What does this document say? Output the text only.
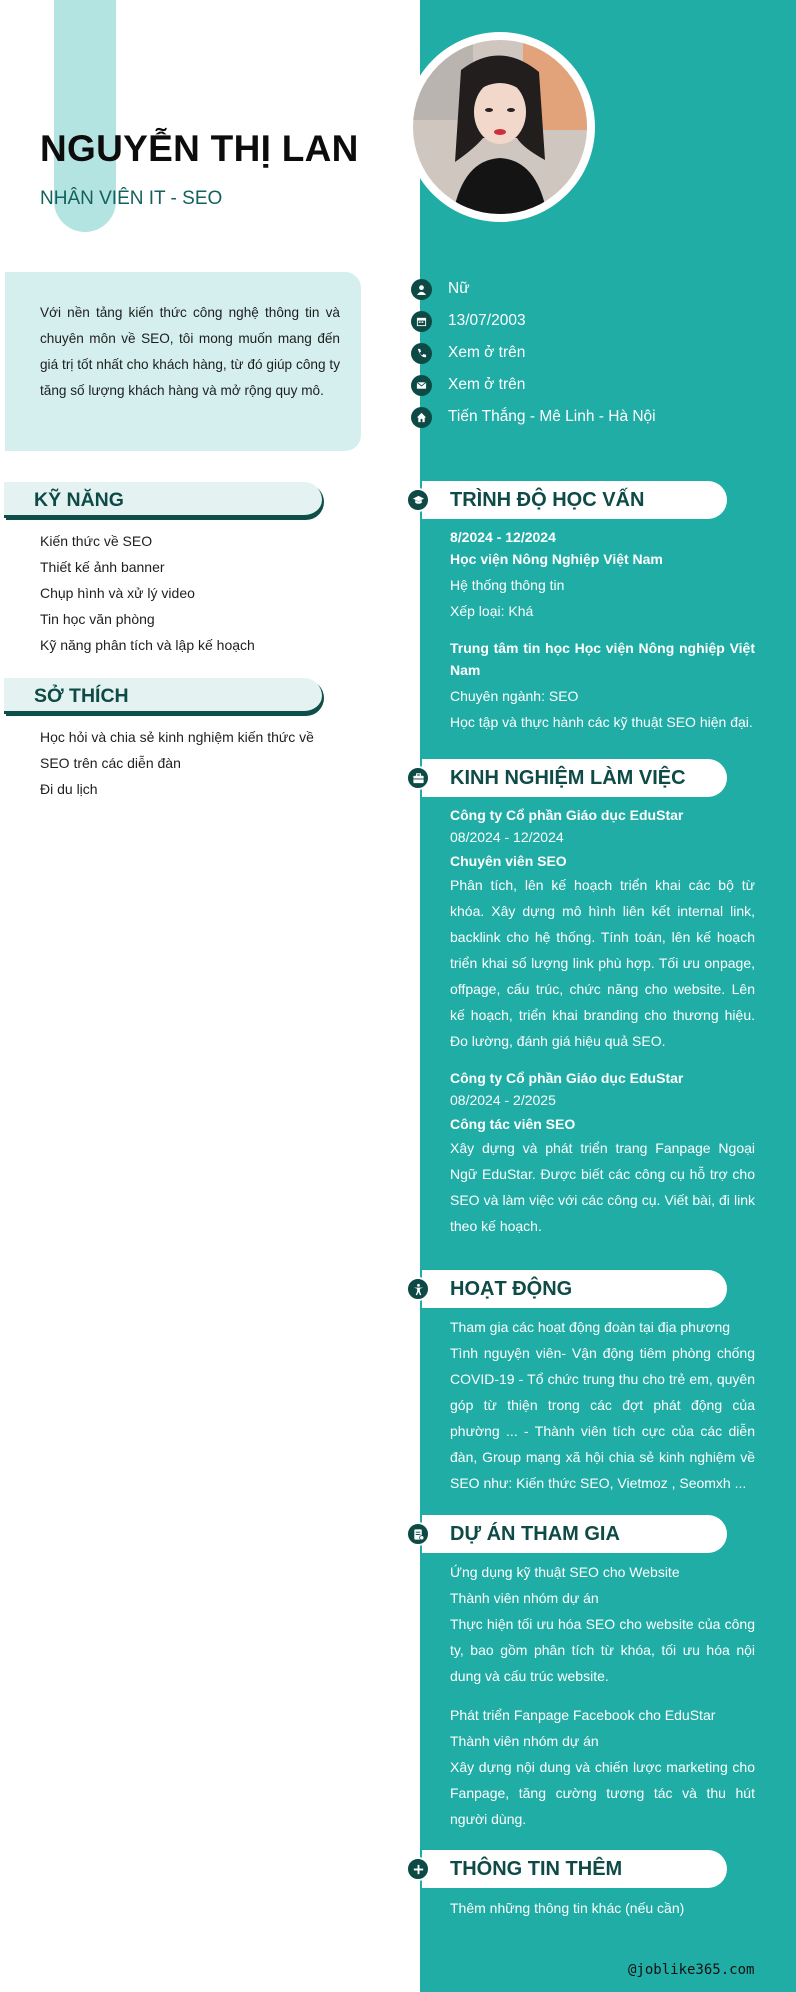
NGUYỄN THỊ LAN
NHÂN VIÊN IT - SEO
Với nền tảng kiến thức công nghệ thông tin và chuyên môn về SEO, tôi mong muốn mang đến giá trị tốt nhất cho khách hàng, từ đó giúp công ty tăng số lượng khách hàng và mở rộng quy mô.
Nữ
13/07/2003
Xem ở trên
Xem ở trên
Tiến Thắng - Mê Linh - Hà Nội
KỸ NĂNG
Kiến thức về SEO
Thiết kế ảnh banner
Chụp hình và xử lý video
Tin học văn phòng
Kỹ năng phân tích và lập kế hoạch
SỞ THÍCH
Học hỏi và chia sẻ kinh nghiệm kiến thức về SEO trên các diễn đàn
Đi du lịch
TRÌNH ĐỘ HỌC VẤN
8/2024 - 12/2024
Học viện Nông Nghiệp Việt Nam
Hệ thống thông tin
Xếp loại: Khá
Trung tâm tin học Học viện Nông nghiệp Việt Nam
Chuyên ngành: SEO
Học tập và thực hành các kỹ thuật SEO hiện đại.
KINH NGHIỆM LÀM VIỆC
Công ty Cổ phần Giáo dục EduStar
08/2024 - 12/2024
Chuyên viên SEO
Phân tích, lên kế hoạch triển khai các bộ từ khóa. Xây dựng mô hình liên kết internal link, backlink cho hệ thống. Tính toán, lên kế hoạch triển khai số lượng link phù hợp. Tối ưu onpage, offpage, cấu trúc, chức năng cho website. Lên kế hoạch, triển khai branding cho thương hiệu. Đo lường, đánh giá hiệu quả SEO.
Công ty Cổ phần Giáo dục EduStar
08/2024 - 2/2025
Công tác viên SEO
Xây dựng và phát triển trang Fanpage Ngoại Ngữ EduStar. Được biết các công cụ hỗ trợ cho SEO và làm việc với các công cụ. Viết bài, đi link theo kế hoạch.
HOẠT ĐỘNG
Tham gia các hoạt động đoàn tại địa phương
Tình nguyện viên- Vận động tiêm phòng chống COVID-19 - Tổ chức trung thu cho trẻ em, quyên góp từ thiện trong các đợt phát động của phường ... - Thành viên tích cực của các diễn đàn, Group mạng xã hội chia sẻ kinh nghiệm về SEO như: Kiến thức SEO, Vietmoz , Seomxh ...
DỰ ÁN THAM GIA
Ứng dụng kỹ thuật SEO cho Website
Thành viên nhóm dự án
Thực hiện tối ưu hóa SEO cho website của công ty, bao gồm phân tích từ khóa, tối ưu hóa nội dung và cấu trúc website.
Phát triển Fanpage Facebook cho EduStar
Thành viên nhóm dự án
Xây dựng nội dung và chiến lược marketing cho Fanpage, tăng cường tương tác và thu hút người dùng.
THÔNG TIN THÊM
Thêm những thông tin khác (nếu cần)
@joblike365.com
